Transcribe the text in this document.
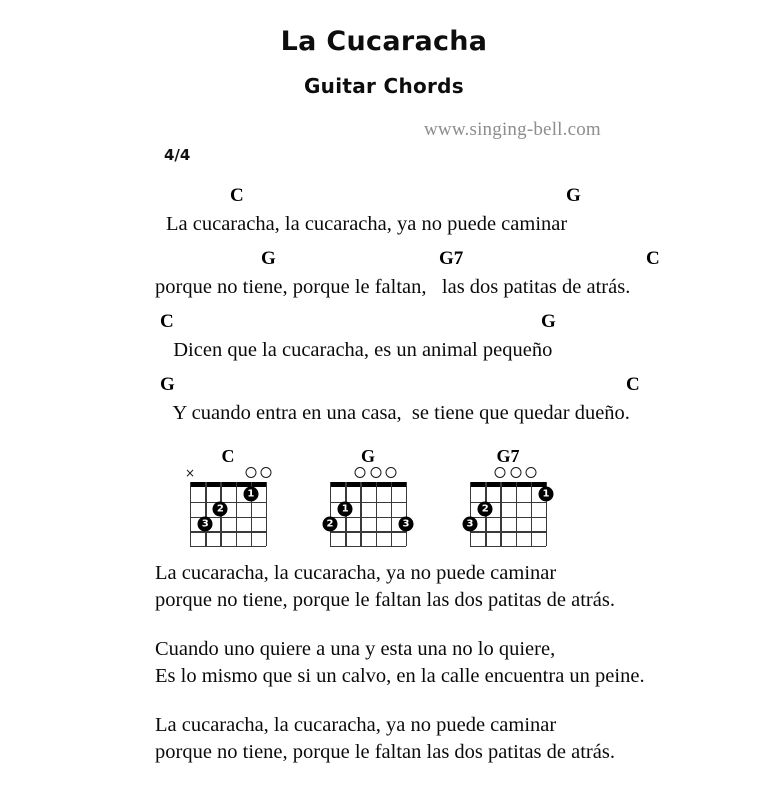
La Cucaracha
Guitar Chords
www.singing-bell.com
4/4
C	G
La cucaracha, la cucaracha, ya no puede caminar
G	G7	C
porque no tiene, porque le faltan,   las dos patitas de atrás.
C	G
Dicen que la cucaracha, es un animal pequeño
G	C
Y cuando entra en una casa,  se tiene que quedar dueño.
C
×
1
2
3
G
1
2	3
G7
1
2
3

La cucaracha, la cucaracha, ya no puede caminar

porque no tiene, porque le faltan las dos patitas de atrás.

Cuando uno quiere a una y esta una no lo quiere,

Es lo mismo que si un calvo, en la calle encuentra un peine.

La cucaracha, la cucaracha, ya no puede caminar

porque no tiene, porque le faltan las dos patitas de atrás.
